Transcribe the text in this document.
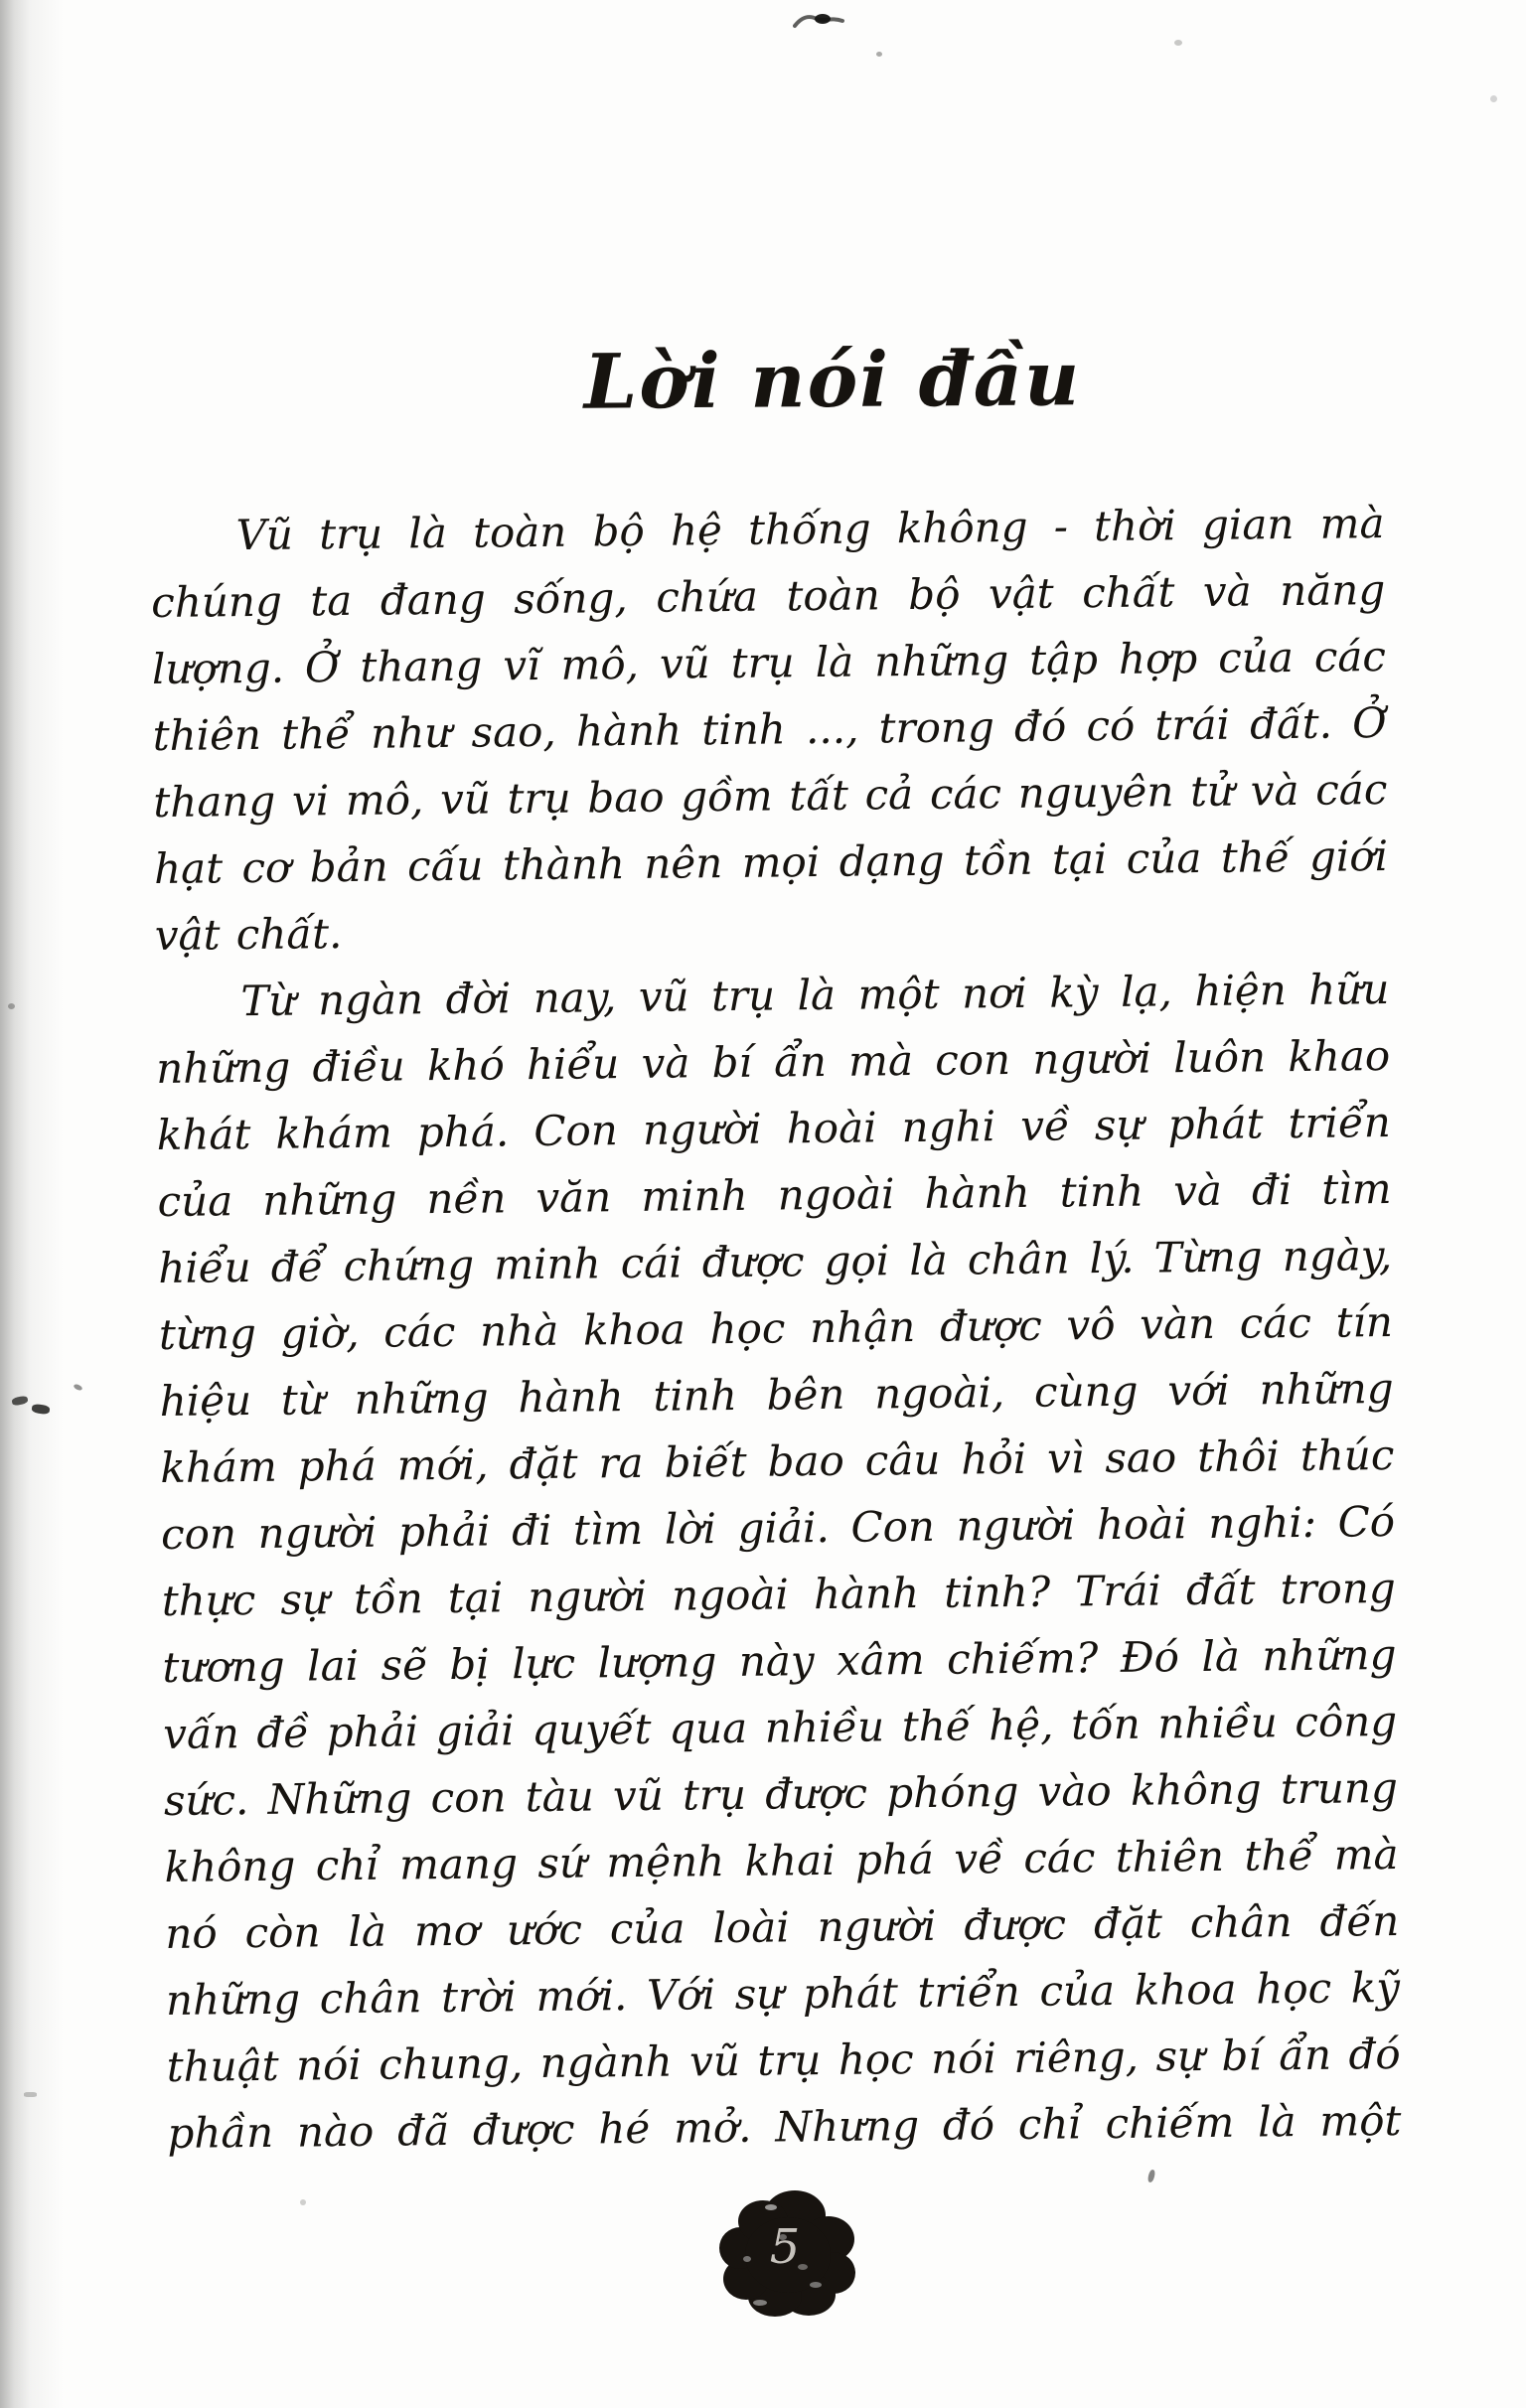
Lời nói đầu
Vũ trụ là toàn bộ hệ thống không - thời gian mà
chúng ta đang sống, chứa toàn bộ vật chất và năng
lượng. Ở thang vĩ mô, vũ trụ là những tập hợp của các
thiên thể như sao, hành tinh ..., trong đó có trái đất. Ở
thang vi mô, vũ trụ bao gồm tất cả các nguyên tử và các
hạt cơ bản cấu thành nên mọi dạng tồn tại của thế giới
vật chất.
Từ ngàn đời nay, vũ trụ là một nơi kỳ lạ, hiện hữu
những điều khó hiểu và bí ẩn mà con người luôn khao
khát khám phá. Con người hoài nghi về sự phát triển
của những nền văn minh ngoài hành tinh và đi tìm
hiểu để chứng minh cái được gọi là chân lý. Từng ngày,
từng giờ, các nhà khoa học nhận được vô vàn các tín
hiệu từ những hành tinh bên ngoài, cùng với những
khám phá mới, đặt ra biết bao câu hỏi vì sao thôi thúc
con người phải đi tìm lời giải. Con người hoài nghi: Có
thực sự tồn tại người ngoài hành tinh? Trái đất trong
tương lai sẽ bị lực lượng này xâm chiếm? Đó là những
vấn đề phải giải quyết qua nhiều thế hệ, tốn nhiều công
sức. Những con tàu vũ trụ được phóng vào không trung
không chỉ mang sứ mệnh khai phá về các thiên thể mà
nó còn là mơ ước của loài người được đặt chân đến
những chân trời mới. Với sự phát triển của khoa học kỹ
thuật nói chung, ngành vũ trụ học nói riêng, sự bí ẩn đó
phần nào đã được hé mở. Nhưng đó chỉ chiếm là một
5
